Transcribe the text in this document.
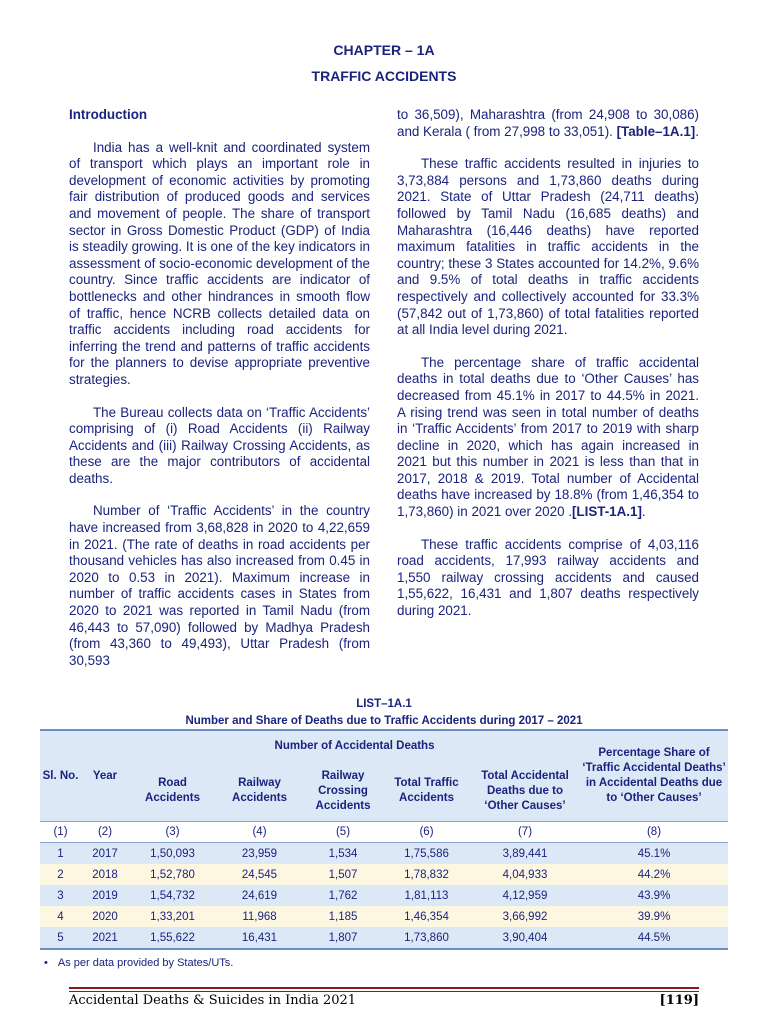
CHAPTER – 1A
TRAFFIC ACCIDENTS
Introduction

India has a well-knit and coordinated system of transport which plays an important role in development of economic activities by promoting fair distribution of produced goods and services and movement of people. The share of transport sector in Gross Domestic Product (GDP) of India is steadily growing. It is one of the key indicators in assessment of socio-economic development of the country. Since traffic accidents are indicator of bottlenecks and other hindrances in smooth flow of traffic, hence NCRB collects detailed data on traffic accidents including road accidents for inferring the trend and patterns of traffic accidents for the planners to devise appropriate preventive strategies.

The Bureau collects data on ‘Traffic Accidents’ comprising of (i) Road Accidents (ii) Railway Accidents and (iii) Railway Crossing Accidents, as these are the major contributors of accidental deaths.

Number of ‘Traffic Accidents’ in the country have increased from 3,68,828 in 2020 to 4,22,659 in 2021. (The rate of deaths in road accidents per thousand vehicles has also increased from 0.45 in 2020 to 0.53 in 2021). Maximum increase in number of traffic accidents cases in States from 2020 to 2021 was reported in Tamil Nadu (from 46,443 to 57,090) followed by Madhya Pradesh (from 43,360 to 49,493), Uttar Pradesh (from 30,593

to 36,509), Maharashtra (from 24,908 to 30,086) and Kerala ( from 27,998 to 33,051). [Table–1A.1].

These traffic accidents resulted in injuries to 3,73,884 persons and 1,73,860 deaths during 2021. State of Uttar Pradesh (24,711 deaths) followed by Tamil Nadu (16,685 deaths) and Maharashtra (16,446 deaths) have reported maximum fatalities in traffic accidents in the country; these 3 States accounted for 14.2%, 9.6% and 9.5% of total deaths in traffic accidents respectively and collectively accounted for 33.3% (57,842 out of 1,73,860) of total fatalities reported at all India level during 2021.

The percentage share of traffic accidental deaths in total deaths due to ‘Other Causes’ has decreased from 45.1% in 2017 to 44.5% in 2021. A rising trend was seen in total number of deaths in ‘Traffic Accidents’ from 2017 to 2019 with sharp decline in 2020, which has again increased in 2021 but this number in 2021 is less than that in 2017, 2018 & 2019. Total number of Accidental deaths have increased by 18.8% (from 1,46,354 to 1,73,860) in 2021 over 2020 .[LIST-1A.1].

These traffic accidents comprise of 4,03,116 road accidents, 17,993 railway accidents and 1,550 railway crossing accidents and caused 1,55,622, 16,431 and 1,807 deaths respectively during 2021.

LIST–1A.1
Number and Share of Deaths due to Traffic Accidents during 2017 – 2021
Sl. No.	Year	Number of Accidental Deaths					Percentage Share of ‘Traffic Accidental Deaths’ in Accidental Deaths due to ‘Other Causes’
		Road Accidents	Railway Accidents	Railway Crossing Accidents	Total Traffic Accidents	Total Accidental Deaths due to ‘Other Causes’	
(1)	(2)	(3)	(4)	(5)	(6)	(7)	(8)
1	2017	1,50,093	23,959	1,534	1,75,586	3,89,441	45.1%
2	2018	1,52,780	24,545	1,507	1,78,832	4,04,933	44.2%
3	2019	1,54,732	24,619	1,762	1,81,113	4,12,959	43.9%
4	2020	1,33,201	11,968	1,185	1,46,354	3,66,992	39.9%
5	2021	1,55,622	16,431	1,807	1,73,860	3,90,404	44.5%
• As per data provided by States/UTs.
Accidental Deaths & Suicides in India 2021	[119]
